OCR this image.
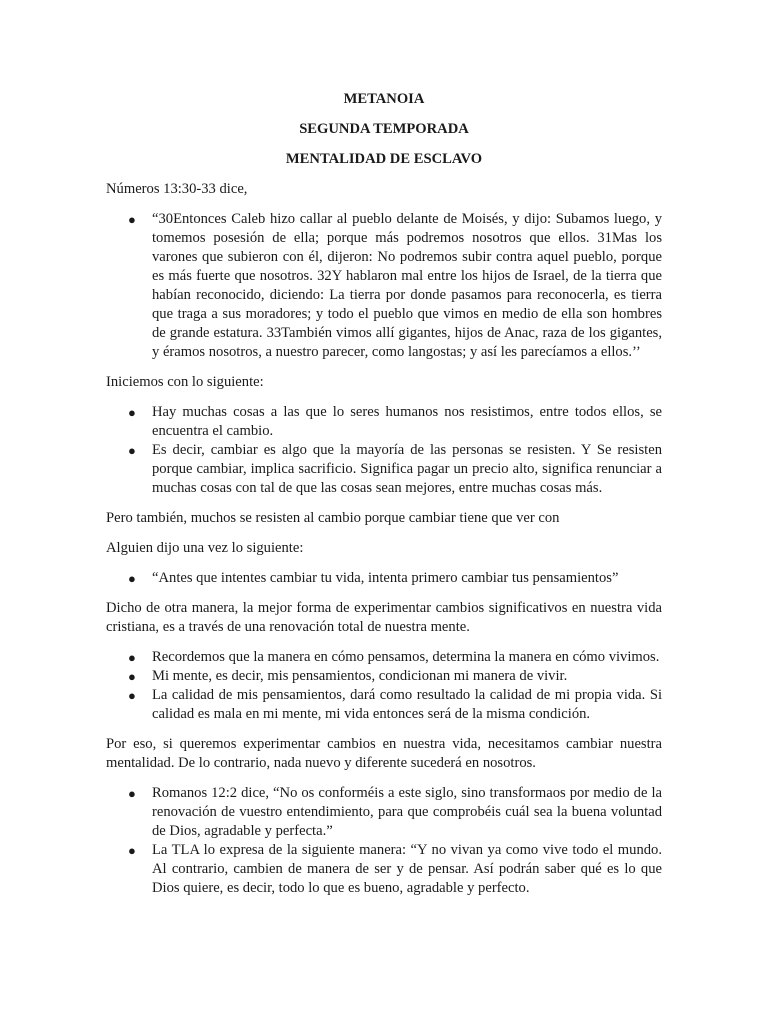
METANOIA
SEGUNDA TEMPORADA
MENTALIDAD DE ESCLAVO

Números 13:30-33 dice,

● “30Entonces Caleb hizo callar al pueblo delante de Moisés, y dijo: Subamos luego, y tomemos posesión de ella; porque más podremos nosotros que ellos. 31Mas los varones que subieron con él, dijeron: No podremos subir contra aquel pueblo, porque es más fuerte que nosotros. 32Y hablaron mal entre los hijos de Israel, de la tierra que habían reconocido, diciendo: La tierra por donde pasamos para reconocerla, es tierra que traga a sus moradores; y todo el pueblo que vimos en medio de ella son hombres de grande estatura. 33También vimos allí gigantes, hijos de Anac, raza de los gigantes, y éramos nosotros, a nuestro parecer, como langostas; y así les parecíamos a ellos.’’

Iniciemos con lo siguiente:

● Hay muchas cosas a las que lo seres humanos nos resistimos, entre todos ellos, se encuentra el cambio.
● Es decir, cambiar es algo que la mayoría de las personas se resisten. Y Se resisten porque cambiar, implica sacrificio. Significa pagar un precio alto, significa renunciar a muchas cosas con tal de que las cosas sean mejores, entre muchas cosas más.

Pero también, muchos se resisten al cambio porque cambiar tiene que ver con

Alguien dijo una vez lo siguiente:

● “Antes que intentes cambiar tu vida, intenta primero cambiar tus pensamientos”

Dicho de otra manera, la mejor forma de experimentar cambios significativos en nuestra vida cristiana, es a través de una renovación total de nuestra mente.

● Recordemos que la manera en cómo pensamos, determina la manera en cómo vivimos.
● Mi mente, es decir, mis pensamientos, condicionan mi manera de vivir.
● La calidad de mis pensamientos, dará como resultado la calidad de mi propia vida. Si calidad es mala en mi mente, mi vida entonces será de la misma condición.

Por eso, si queremos experimentar cambios en nuestra vida, necesitamos cambiar nuestra mentalidad. De lo contrario, nada nuevo y diferente sucederá en nosotros.

● Romanos 12:2 dice, “No os conforméis a este siglo, sino transformaos por medio de la renovación de vuestro entendimiento, para que comprobéis cuál sea la buena voluntad de Dios, agradable y perfecta.”
● La TLA lo expresa de la siguiente manera: “Y no vivan ya como vive todo el mundo. Al contrario, cambien de manera de ser y de pensar. Así podrán saber qué es lo que Dios quiere, es decir, todo lo que es bueno, agradable y perfecto.
